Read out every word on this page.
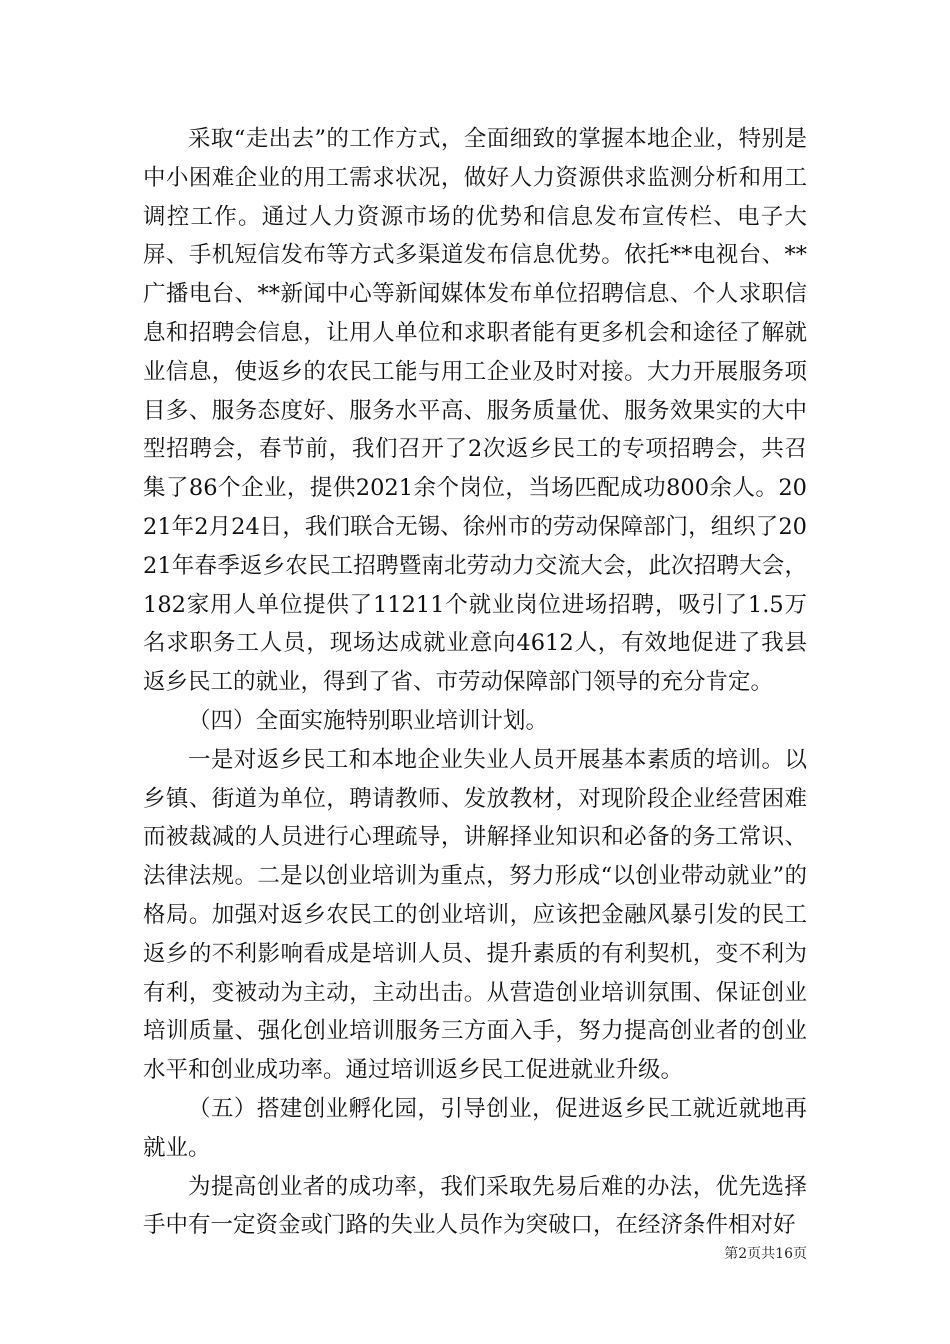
采取“走出去”的工作方式，全面细致的掌握本地企业，特别是中小困难企业的用工需求状况，做好人力资源供求监测分析和用工调控工作。通过人力资源市场的优势和信息发布宣传栏、电子大屏、手机短信发布等方式多渠道发布信息优势。依托**电视台、**广播电台、**新闻中心等新闻媒体发布单位招聘信息、个人求职信息和招聘会信息，让用人单位和求职者能有更多机会和途径了解就业信息，使返乡的农民工能与用工企业及时对接。大力开展服务项目多、服务态度好、服务水平高、服务质量优、服务效果实的大中型招聘会，春节前，我们召开了2次返乡民工的专项招聘会，共召集了86个企业，提供2021余个岗位，当场匹配成功800余人。2021年2月24日，我们联合无锡、徐州市的劳动保障部门，组织了2021年春季返乡农民工招聘暨南北劳动力交流大会，此次招聘大会，182家用人单位提供了11211个就业岗位进场招聘，吸引了1.5万名求职务工人员，现场达成就业意向4612人，有效地促进了我县返乡民工的就业，得到了省、市劳动保障部门领导的充分肯定。

（四）全面实施特别职业培训计划。

一是对返乡民工和本地企业失业人员开展基本素质的培训。以乡镇、街道为单位，聘请教师、发放教材，对现阶段企业经营困难而被裁减的人员进行心理疏导，讲解择业知识和必备的务工常识、法律法规。二是以创业培训为重点，努力形成“以创业带动就业”的格局。加强对返乡农民工的创业培训，应该把金融风暴引发的民工返乡的不利影响看成是培训人员、提升素质的有利契机，变不利为有利，变被动为主动，主动出击。从营造创业培训氛围、保证创业培训质量、强化创业培训服务三方面入手，努力提高创业者的创业水平和创业成功率。通过培训返乡民工促进就业升级。

（五）搭建创业孵化园，引导创业，促进返乡民工就近就地再就业。

为提高创业者的成功率，我们采取先易后难的办法，优先选择手中有一定资金或门路的失业人员作为突破口，在经济条件相对好

第2页共16页
